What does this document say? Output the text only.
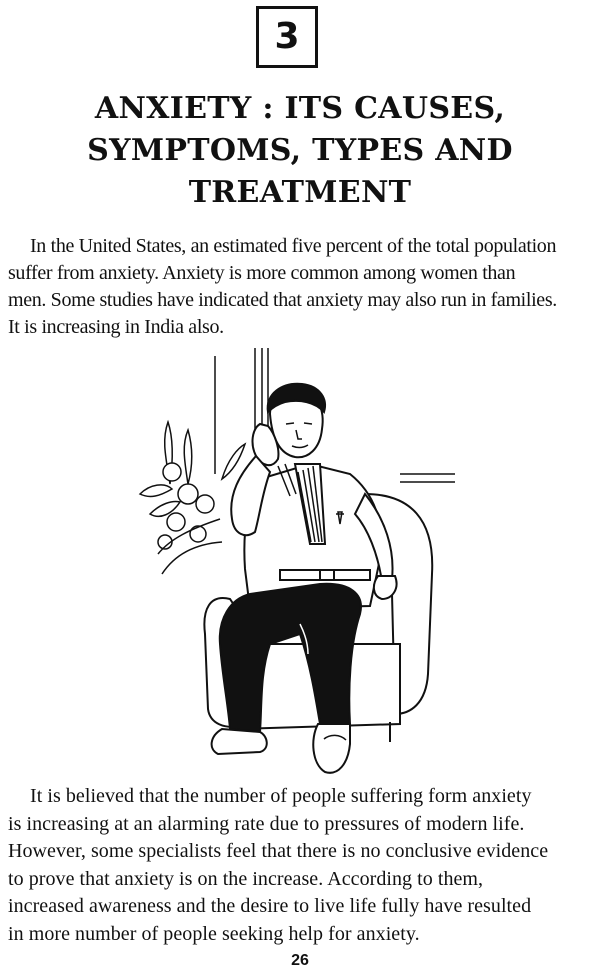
3
ANXIETY : ITS CAUSES,
SYMPTOMS, TYPES AND
TREATMENT
In the United States, an estimated five percent of the total population
suffer from anxiety. Anxiety is more common among women than
men. Some studies have indicated that anxiety may also run in families.
It is increasing in India also.
It is believed that the number of people suffering form anxiety
is increasing at an alarming rate due to pressures of modern life.
However, some specialists feel that there is no conclusive evidence
to prove that anxiety is on the increase. According to them,
increased awareness and the desire to live life fully have resulted
in more number of people seeking help for anxiety.
26
